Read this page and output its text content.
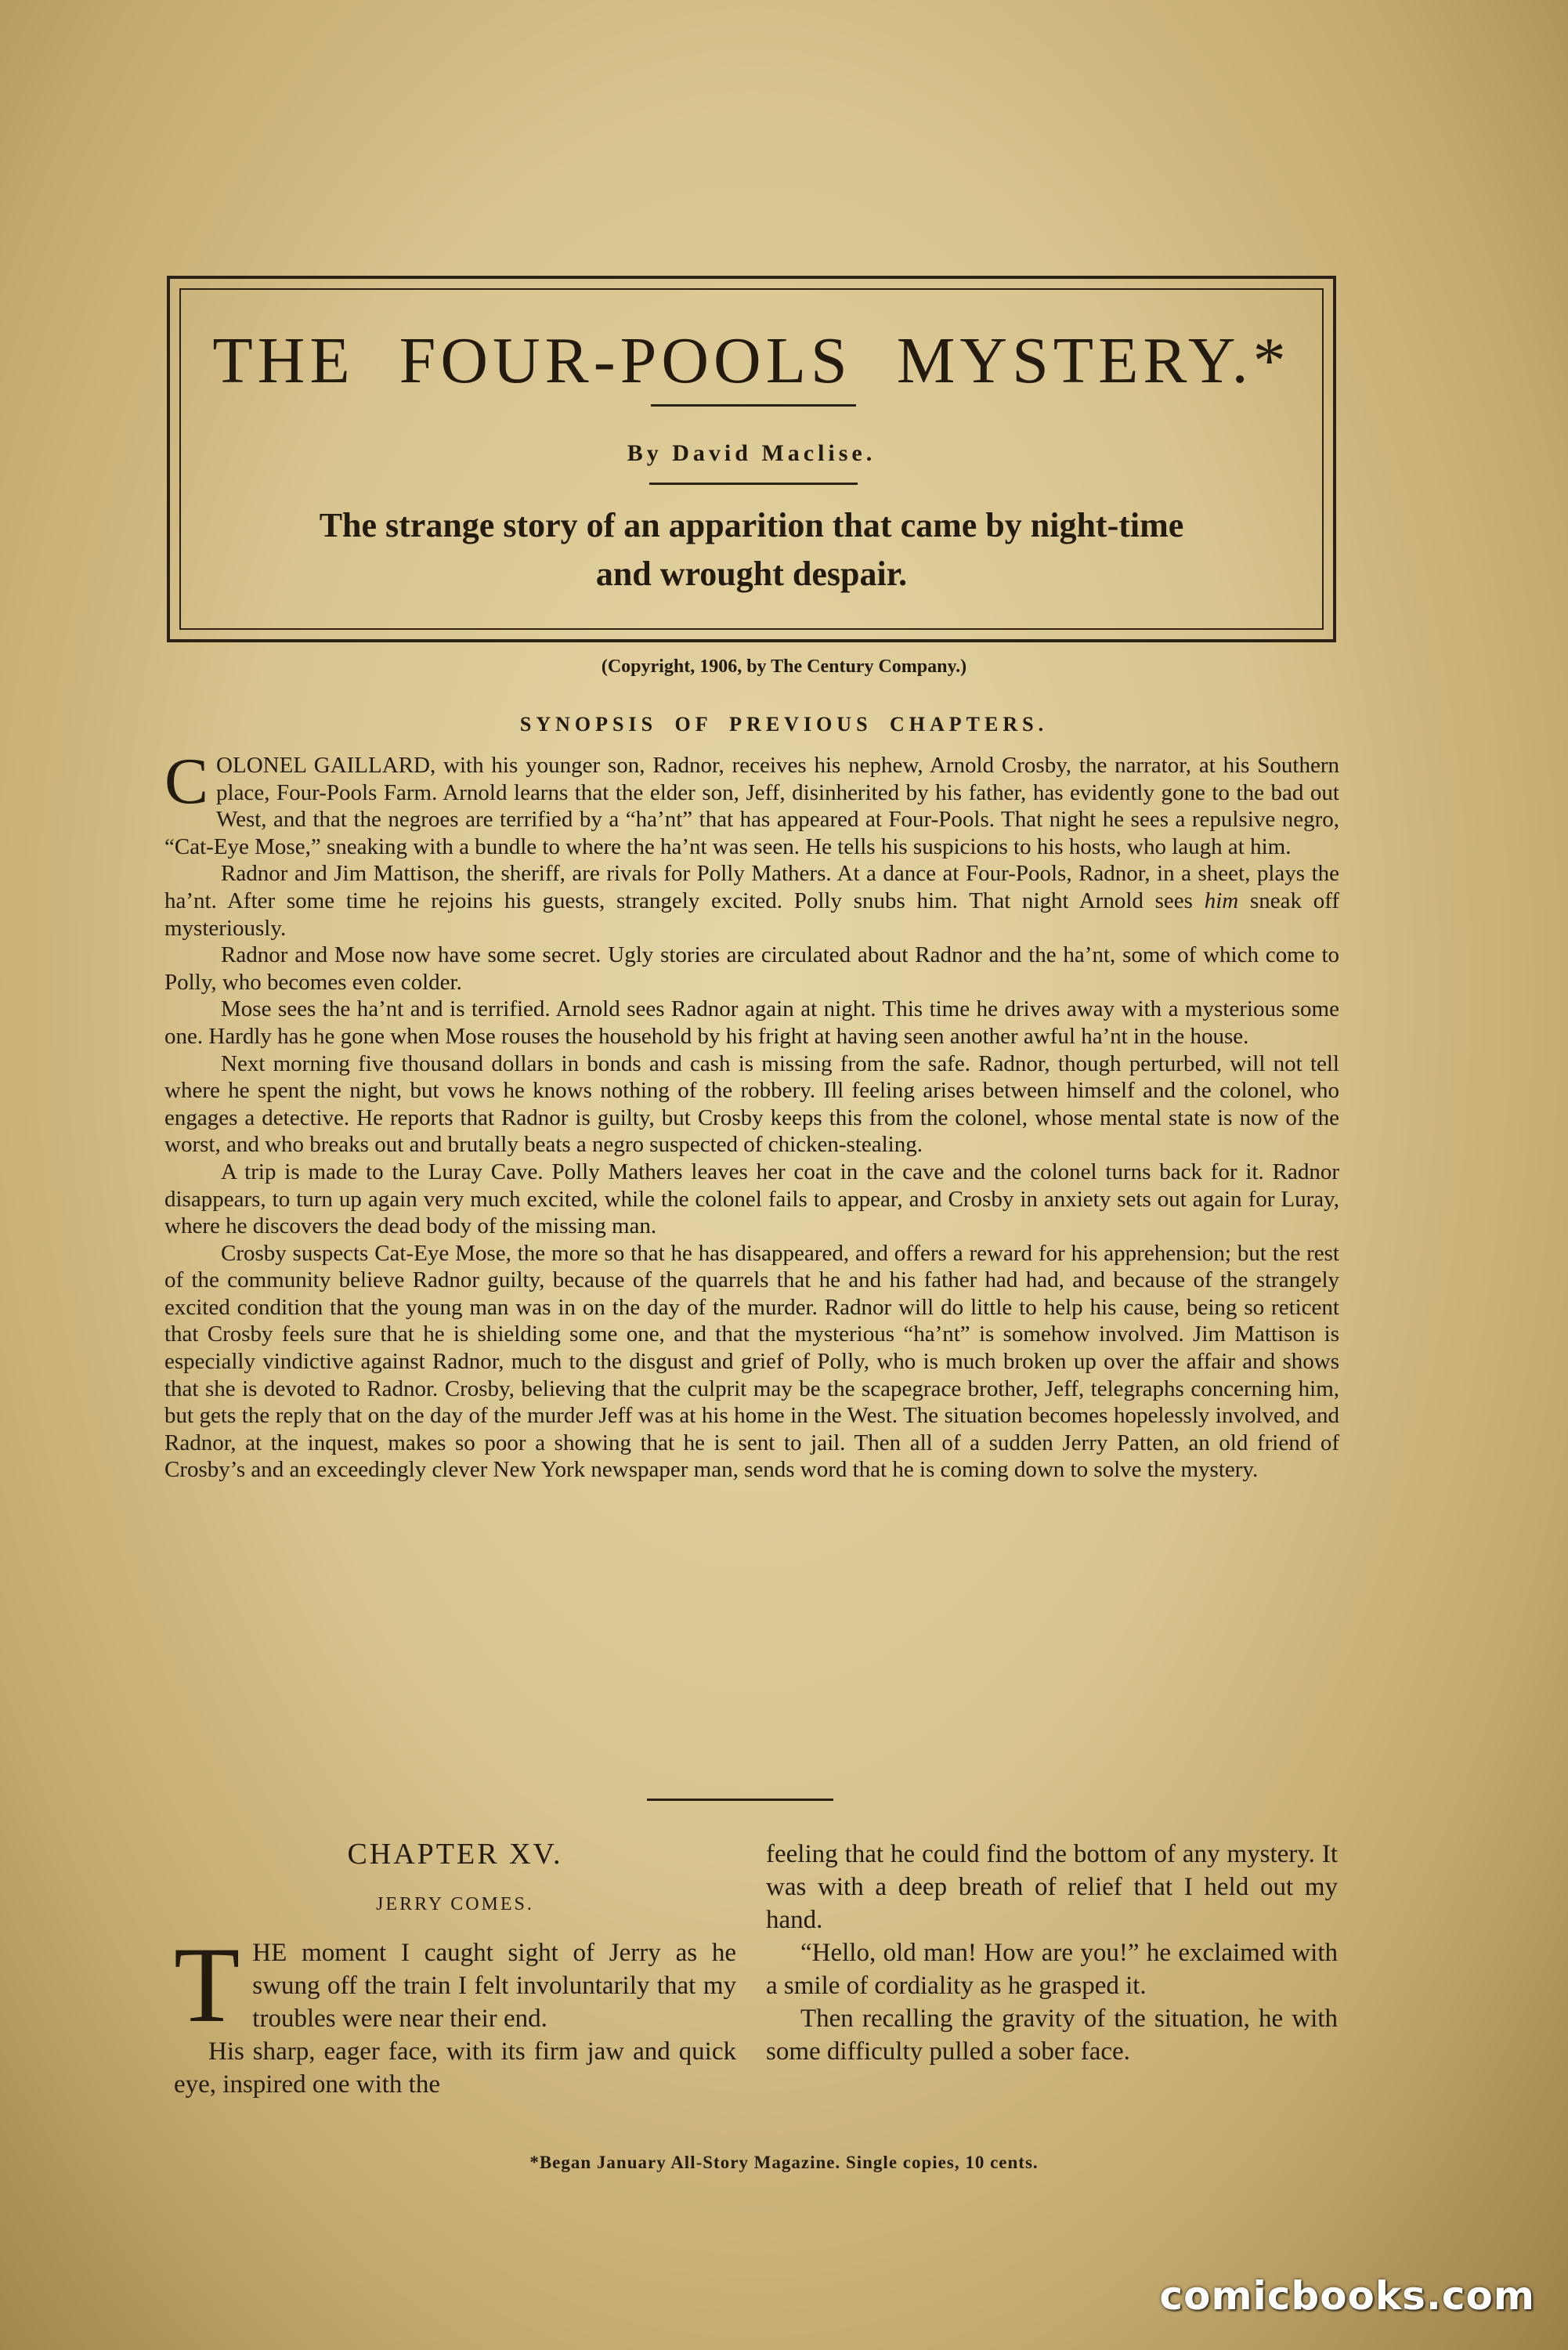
THE FOUR-POOLS MYSTERY.*
By David Maclise.
The strange story of an apparition that came by night-time
and wrought despair.
(Copyright, 1906, by The Century Company.)
SYNOPSIS OF PREVIOUS CHAPTERS.

COLONEL GAILLARD, with his younger son, Radnor, receives his nephew, Arnold Crosby, the narrator, at his Southern place, Four-Pools Farm. Arnold learns that the elder son, Jeff, disinherited by his father, has evidently gone to the bad out West, and that the negroes are terrified by a “ha’nt” that has appeared at Four-Pools. That night he sees a repulsive negro, “Cat-Eye Mose,” sneaking with a bundle to where the ha’nt was seen. He tells his suspicions to his hosts, who laugh at him.

Radnor and Jim Mattison, the sheriff, are rivals for Polly Mathers. At a dance at Four-Pools, Radnor, in a sheet, plays the ha’nt. After some time he rejoins his guests, strangely excited. Polly snubs him. That night Arnold sees him sneak off mysteriously.

Radnor and Mose now have some secret. Ugly stories are circulated about Radnor and the ha’nt, some of which come to Polly, who becomes even colder.

Mose sees the ha’nt and is terrified. Arnold sees Radnor again at night. This time he drives away with a mysterious some one. Hardly has he gone when Mose rouses the household by his fright at having seen another awful ha’nt in the house.

Next morning five thousand dollars in bonds and cash is missing from the safe. Radnor, though perturbed, will not tell where he spent the night, but vows he knows nothing of the robbery. Ill feeling arises between himself and the colonel, who engages a detective. He reports that Radnor is guilty, but Crosby keeps this from the colonel, whose mental state is now of the worst, and who breaks out and brutally beats a negro suspected of chicken-stealing.

A trip is made to the Luray Cave. Polly Mathers leaves her coat in the cave and the colonel turns back for it. Radnor disappears, to turn up again very much excited, while the colonel fails to appear, and Crosby in anxiety sets out again for Luray, where he discovers the dead body of the missing man.

Crosby suspects Cat-Eye Mose, the more so that he has disappeared, and offers a reward for his apprehension; but the rest of the community believe Radnor guilty, because of the quarrels that he and his father had had, and because of the strangely excited condition that the young man was in on the day of the murder. Radnor will do little to help his cause, being so reticent that Crosby feels sure that he is shielding some one, and that the mysterious “ha’nt” is somehow involved. Jim Mattison is especially vindictive against Radnor, much to the disgust and grief of Polly, who is much broken up over the affair and shows that she is devoted to Radnor. Crosby, believing that the culprit may be the scapegrace brother, Jeff, telegraphs concerning him, but gets the reply that on the day of the murder Jeff was at his home in the West. The situation becomes hopelessly involved, and Radnor, at the inquest, makes so poor a showing that he is sent to jail. Then all of a sudden Jerry Patten, an old friend of Crosby’s and an exceedingly clever New York newspaper man, sends word that he is coming down to solve the mystery.

CHAPTER XV.
JERRY COMES.

THE moment I caught sight of Jerry as he swung off the train I felt involuntarily that my troubles were near their end.

His sharp, eager face, with its firm jaw and quick eye, inspired one with the

feeling that he could find the bottom of any mystery. It was with a deep breath of relief that I held out my hand.

“Hello, old man! How are you!” he exclaimed with a smile of cordiality as he grasped it.

Then recalling the gravity of the situation, he with some difficulty pulled a sober face.

*Began January All-Story Magazine. Single copies, 10 cents.
comicbooks.com
